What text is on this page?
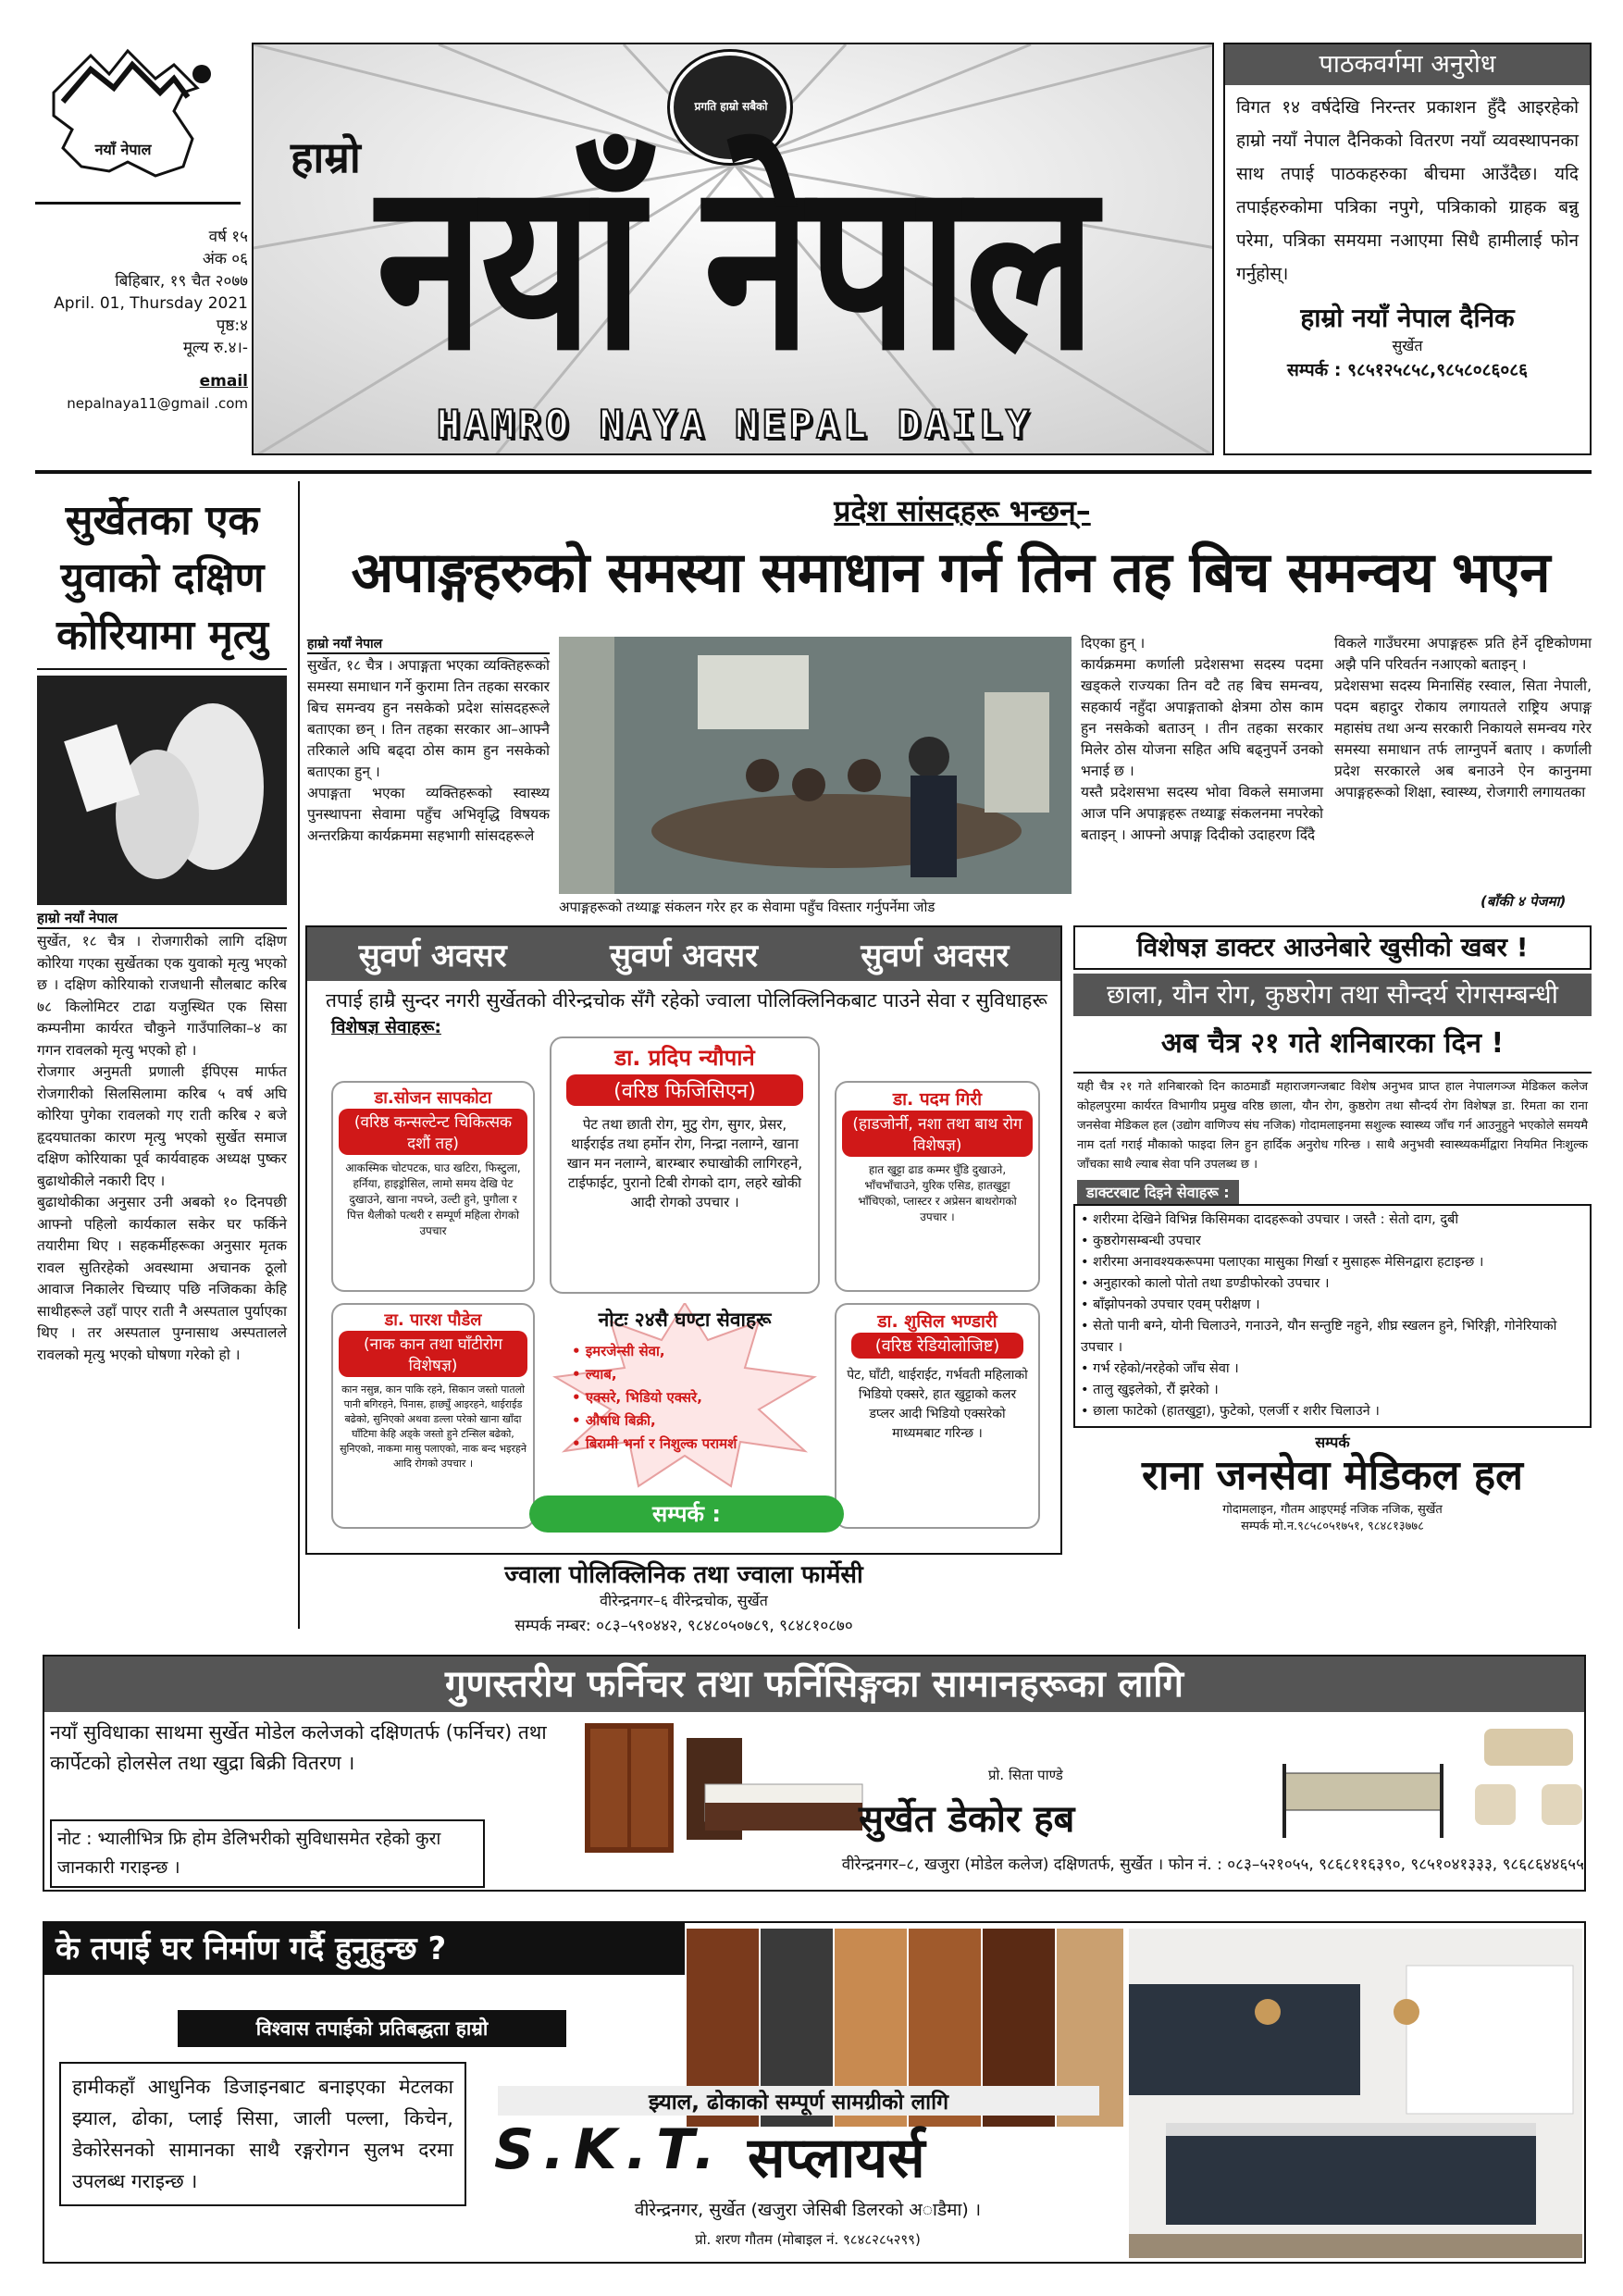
नयाँ नेपाल
वर्ष १५
अंक ०६
बिहिबार, १९ चैत २०७७
April. 01, Thursday 2021
पृष्ठ:४
मूल्य रु.४।-
email
nepalnaya11@gmail .com
प्रगति हाम्रो सबैको
हाम्रो नयाँ नेपाल
HAMRO NAYA NEPAL DAILY
पाठकवर्गमा अनुरोध
विगत १४ वर्षदेखि निरन्तर प्रकाशन हुँदै आइरहेको हाम्रो नयाँ नेपाल दैनिकको वितरण नयाँ व्यवस्थापनका साथ तपाई पाठकहरुका बीचमा आउँदैछ। यदि तपाईहरुकोमा पत्रिका नपुगे, पत्रिकाको ग्राहक बन्नु परेमा, पत्रिका समयमा नआएमा सिधै हामीलाई फोन गर्नुहोस्।
हाम्रो नयाँ नेपाल दैनिक
सुर्खेत
सम्पर्क : ९८५१२५८५८,९८५८०८६०८६
सुर्खेतका एक युवाको दक्षिण कोरियामा मृत्यु
हाम्रो नयाँ नेपाल
सुर्खेत, १८ चैत्र । रोजगारीको लागि दक्षिण कोरिया गएका सुर्खेतका एक युवाको मृत्यु भएको छ । दक्षिण कोरियाको राजधानी सौलबाट करिब ७८ किलोमिटर टाढा यजुस्थित एक सिसा कम्पनीमा कार्यरत चौकुने गाउँपालिका–४ का गगन रावलको मृत्यु भएको हो ।
रोजगार अनुमती प्रणाली ईपिएस मार्फत रोजगारीको सिलसिलामा करिब ५ वर्ष अघि कोरिया पुगेका रावलको गए राती करिब २ बजे हृदयघातका कारण मृत्यु भएको सुर्खेत समाज दक्षिण कोरियाका पूर्व कार्यवाहक अध्यक्ष पुष्कर बुढाथोकीले नकारी दिए ।
बुढाथोकीका अनुसार उनी अबको १० दिनपछी आफ्नो पहिलो कार्यकाल सकेर घर फर्किने तयारीमा थिए । सहकर्मीहरूका अनुसार मृतक रावल सुतिरहेको अवस्थामा अचानक ठूलो आवाज निकालेर चिच्याए पछि नजिकका केहि साथीहरूले उहाँ पाएर राती नै अस्पताल पुर्याएका थिए । तर अस्पताल पुग्नासाथ अस्पतालले रावलको मृत्यु भएको घोषणा गरेको हो ।
प्रदेश सांसदहरू भन्छन्–
अपाङ्गहरुको समस्या समाधान गर्न तिन तह बिच समन्वय भएन
हाम्रो नयाँ नेपाल
सुर्खेत, १८ चैत्र । अपाङ्गता भएका व्यक्तिहरूको समस्या समाधान गर्ने कुरामा तिन तहका सरकार बिच समन्वय हुन नसकेको प्रदेश सांसदहरूले बताएका छन् । तिन तहका सरकार आ–आफ्नै तरिकाले अघि बढ्दा ठोस काम हुन नसकेको बताएका हुन् ।
अपाङ्गता भएका व्यक्तिहरूको स्वास्थ्य पुनस्थापना सेवामा पहुँच अभिवृद्धि विषयक अन्तरक्रिया कार्यक्रममा सहभागी सांसदहरूले
अपाङ्गहरूको तथ्याङ्क संकलन गरेर हर क सेवामा पहुँच विस्तार गर्नुपर्नेमा जोड
दिएका हुन् ।
कार्यक्रममा कर्णाली प्रदेशसभा सदस्य पदमा खड्कले राज्यका तिन वटै तह बिच समन्वय, सहकार्य नहुँदा अपाङ्गताको क्षेत्रमा ठोस काम हुन नसकेको बताउन् । तीन तहका सरकार मिलेर ठोस योजना सहित अघि बढ्नुपर्ने उनको भनाई छ ।
यस्तै प्रदेशसभा सदस्य भोवा विकले समाजमा आज पनि अपाङ्गहरू तथ्याङ्क संकलनमा नपरेको बताइन् । आफ्नो अपाङ्ग दिदीको उदाहरण दिँदै
विकले गाउँघरमा अपाङ्गहरू प्रति हेर्ने दृष्टिकोणमा अझै पनि परिवर्तन नआएको बताइन् ।
प्रदेशसभा सदस्य मिनासिंह रस्वाल, सिता नेपाली, पदम बहादुर रोकाय लगायतले राष्ट्रिय अपाङ्ग महासंघ तथा अन्य सरकारी निकायले समन्वय गरेर समस्या समाधान तर्फ लाग्नुपर्ने बताए । कर्णाली प्रदेश सरकारले अब बनाउने ऐन कानुनमा अपाङ्गहरूको शिक्षा, स्वास्थ्य, रोजगारी लगायतका
(बाँकी ४ पेजमा)
सुवर्ण अवसर	सुवर्ण अवसर	सुवर्ण अवसर
तपाई हाम्रै सुन्दर नगरी सुर्खेतको वीरेन्द्रचोक सँगै रहेको ज्वाला पोलिक्लिनिकबाट पाउने सेवा र सुविधाहरू
विशेषज्ञ सेवाहरू:
डा.सोजन सापकोटा
(वरिष्ठ कन्सल्टेन्ट चिकित्सक दशौं तह)
आकस्मिक चोटपटक, घाउ खटिरा, फिस्टुला, हर्निया, हाइड्रोसिल, लामो समय देखि पेट दुखाउने, खाना नपच्ने, उल्टी हुने, पुगौला र पित्त थैलीको पत्थरी र सम्पूर्ण महिला रोगको उपचार
डा. प्रदिप न्यौपाने
(वरिष्ठ फिजिसिएन)
पेट तथा छाती रोग, मुटु रोग, सुगर, प्रेसर, थाईराईड तथा हर्मोन रोग, निन्द्रा नलाग्ने, खाना खान मन नलाग्ने, बारम्बार रुघाखोकी लागिरहने, टाईफाईट, पुरानो टिबी रोगको दाग, लहरे खोकी आदी रोगको उपचार ।
डा. पदम गिरी
(हाडजोर्नी, नशा तथा बाथ रोग विशेषज्ञ)
हात खुट्टा ढाड कम्मर घुँडि दुखाउने, भाँचभाँचाउने, युरिक एसिड, हातखुट्टा भाँचिएको, प्लास्टर र अप्रेसन बाथरोगको उपचार ।
डा. पारश पौडेल
(नाक कान तथा घाँटीरोग विशेषज्ञ)
कान नसुन्न, कान पाकि रहने, सिकान जस्तो पातलो पानी बगिरहने, पिनास, हाछ्युँ आइरहने, थाईराईड बढेको, सुनिएको अथवा डल्ला परेको खाना खाँदा घाँटिमा केहि अड्के जस्तो हुने टन्सिल बढेको, सुनिएको, नाकमा मासु पलाएको, नाक बन्द भइरहने आदि रोगको उपचार ।
डा. शुसिल भण्डारी
(वरिष्ठ रेडियोलोजिष्ट)
पेट, घाँटी, थाईराईट, गर्भवती महिलाको भिडियो एक्सरे, हात खुट्टाको कलर डप्लर आदी भिडियो एक्सरेको माध्यमबाट गरिन्छ ।
नोटः २४सै घण्टा सेवाहरू
• इमरजेन्सी सेवा,
• ल्याब,
• एक्सरे, भिडियो एक्सरे,
• औषधि बिक्री,
• बिरामी भर्ना र निशुल्क परामर्श
सम्पर्क :
ज्वाला पोलिक्लिनिक तथा ज्वाला फार्मेसी
वीरेन्द्रनगर–६ वीरेन्द्रचोक, सुर्खेत
सम्पर्क नम्बर: ०८३–५९०४४२, ९८४८०५०७८९, ९८४८१०८७०
विशेषज्ञ डाक्टर आउनेबारे खुसीको खबर !
छाला, यौन रोग, कुष्ठरोग तथा सौन्दर्य रोगसम्बन्धी
अब चैत्र २१ गते शनिबारका दिन !
यही चैत्र २१ गते शनिबारको दिन काठमाडौं महाराजगन्जबाट विशेष अनुभव प्राप्त हाल नेपालगञ्ज मेडिकल कलेज कोहलपुरमा कार्यरत विभागीय प्रमुख वरिष्ठ छाला, यौन रोग, कुष्ठरोग तथा सौन्दर्य रोग विशेषज्ञ डा. रिमता का राना जनसेवा मेडिकल हल (उद्योग वाणिज्य संघ नजिक) गोदामलाइनमा सशुल्क स्वास्थ्य जाँच गर्न आउनुहुने भएकोले समयमै नाम दर्ता गराई मौकाको फाइदा लिन हुन हार्दिक अनुरोध गरिन्छ । साथै अनुभवी स्वास्थ्यकर्मीद्वारा नियमित निःशुल्क जाँचका साथै ल्याब सेवा पनि उपलब्ध छ ।
डाक्टरबाट दिइने सेवाहरू :
• शरीरमा देखिने विभिन्न किसिमका दादहरूको उपचार । जस्तै : सेतो दाग, दुबी
• कुष्ठरोगसम्बन्धी उपचार
• शरीरमा अनावश्यकरूपमा पलाएका मासुका गिर्खा र मुसाहरू मेसिनद्वारा हटाइन्छ ।
• अनुहारको कालो पोतो तथा डण्डीफोरको उपचार ।
• बाँझोपनको उपचार एवम् परीक्षण ।
• सेतो पानी बग्ने, योनी चिलाउने, गनाउने, यौन सन्तुष्टि नहुने, शीघ्र स्खलन हुने, भिरिङ्गी, गोनेरियाको उपचार ।
• गर्भ रहेको/नरहेको जाँच सेवा ।
• तालु खुइलेको, रौं झरेको ।
• छाला फाटेको (हातखुट्टा), फुटेको, एलर्जी र शरीर चिलाउने ।
सम्पर्क
राना जनसेवा मेडिकल हल
गोदामलाइन, गौतम आइएमई नजिक नजिक, सुर्खेत
सम्पर्क मो.न.९८५८०५१७५१, ९८४८१३७७८
गुणस्तरीय फर्निचर तथा फर्निसिङ्गका सामानहरूका लागि
नयाँ सुविधाका साथमा सुर्खेत मोडेल कलेजको दक्षिणतर्फ (फर्निचर) तथा कार्पेटको होलसेल तथा खुद्रा बिक्री वितरण ।
नोट : भ्यालीभित्र फ्रि होम डेलिभरीको सुविधासमेत रहेको कुरा जानकारी गराइन्छ ।
प्रो. सिता पाण्डे
सुर्खेत डेकोर हब
वीरेन्द्रनगर–८, खजुरा (मोडेल कलेज) दक्षिणतर्फ, सुर्खेत । फोन नं. : ०८३–५२१०५५, ९८६८११६३९०, ९८५१०४१३३३, ९८६८६४४६५५
के तपाई घर निर्माण गर्दै हुनुहुन्छ ?
विश्वास तपाईको प्रतिबद्धता हाम्रो
हामीकहाँ आधुनिक डिजाइनबाट बनाइएका मेटलका झ्याल, ढोका, प्लाई सिसा, जाली पल्ला, किचेन, डेकोरेसनको सामानका साथै रङ्गरोगन सुलभ दरमा उपलब्ध गराइन्छ ।
झ्याल, ढोकाको सम्पूर्ण सामग्रीको लागि
S.K.T. सप्लायर्स
वीरेन्द्रनगर, सुर्खेत (खजुरा जेसिबी डिलरको अाडैमा) ।
प्रो. शरण गौतम (मोबाइल नं. ९८४८२८५२९९)
